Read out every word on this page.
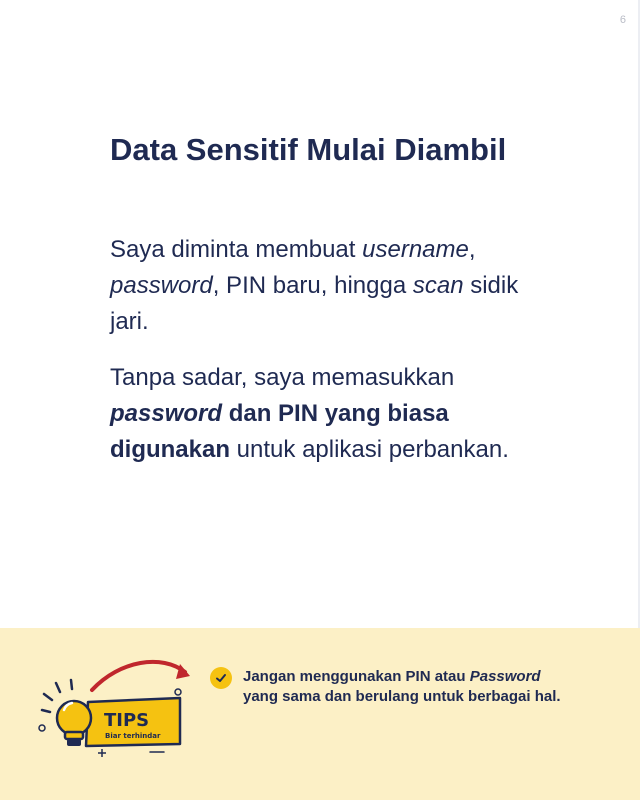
6
Data Sensitif Mulai Diambil

Saya diminta membuat username, password, PIN baru, hingga scan sidik jari.

Tanpa sadar, saya memasukkan password dan PIN yang biasa digunakan untuk aplikasi perbankan.

TIPS
Biar terhindar

Jangan menggunakan PIN atau Password yang sama dan berulang untuk berbagai hal.
